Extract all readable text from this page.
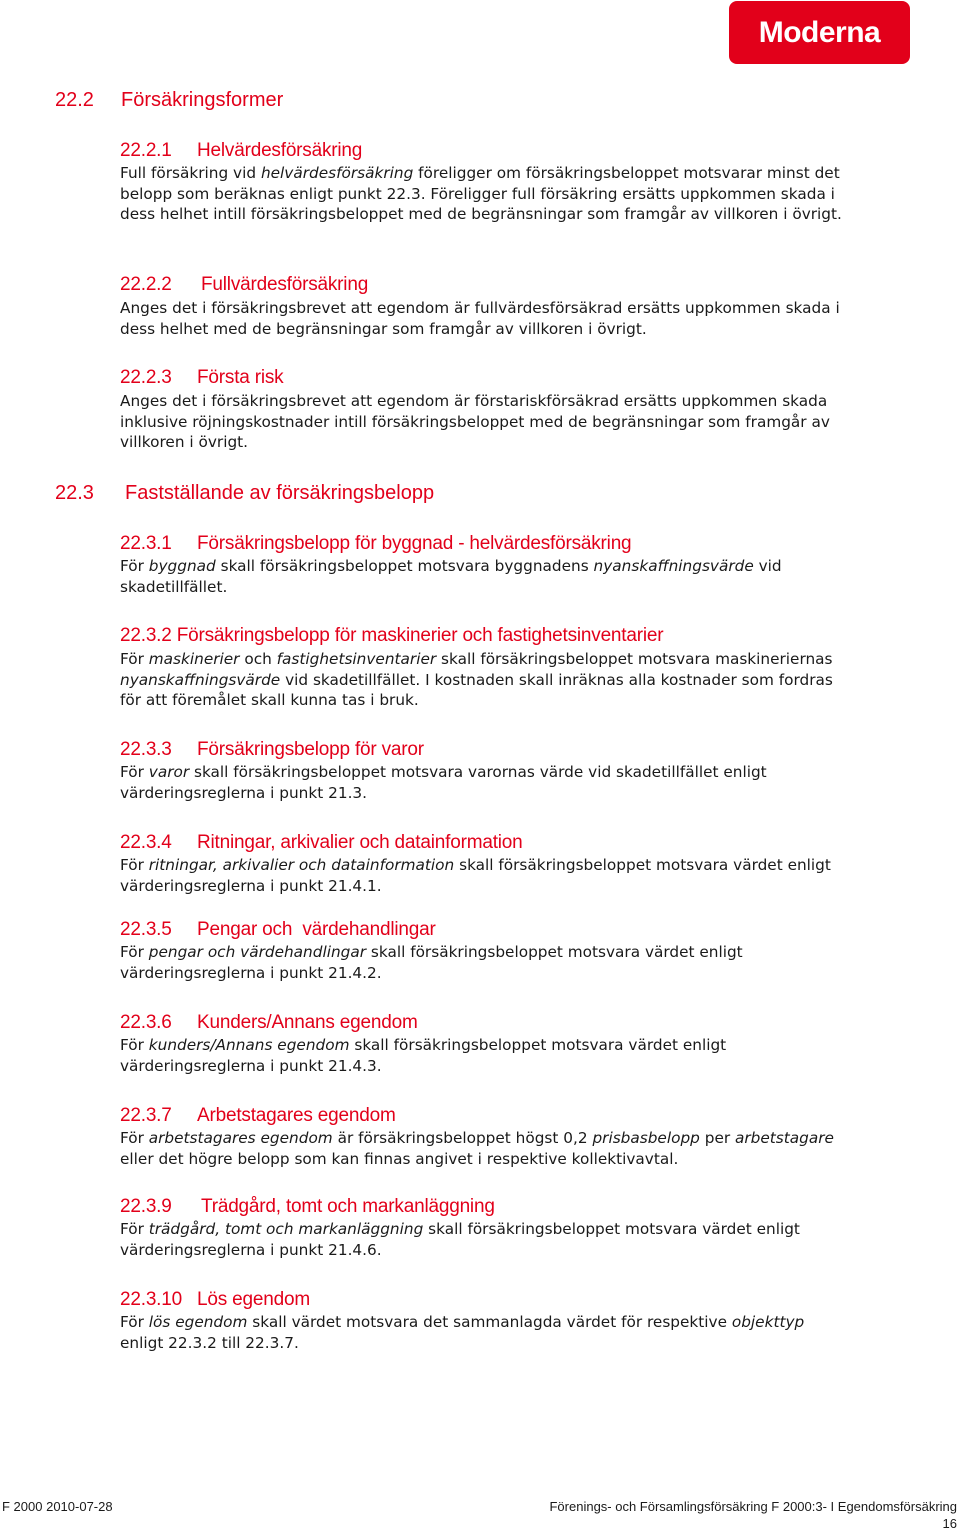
Moderna
22.2 Försäkringsformer
22.2.1 Helvärdesförsäkring
Full försäkring vid helvärdesförsäkring föreligger om försäkringsbeloppet motsvarar minst det belopp som beräknas enligt punkt 22.3. Föreligger full försäkring ersätts uppkommen skada i dess helhet intill försäkringsbeloppet med de begränsningar som framgår av villkoren i övrigt.
22.2.2 Fullvärdesförsäkring
Anges det i försäkringsbrevet att egendom är fullvärdesförsäkrad ersätts uppkommen skada i dess helhet med de begränsningar som framgår av villkoren i övrigt.
22.2.3 Första risk
Anges det i försäkringsbrevet att egendom är förstariskförsäkrad ersätts uppkommen skada inklusive röjningskostnader intill försäkringsbeloppet med de begränsningar som framgår av villkoren i övrigt.
22.3 Fastställande av försäkringsbelopp
22.3.1 Försäkringsbelopp för byggnad - helvärdesförsäkring
För byggnad skall försäkringsbeloppet motsvara byggnadens nyanskaffningsvärde vid skadetillfället.
22.3.2 Försäkringsbelopp för maskinerier och fastighetsinventarier
För maskinerier och fastighetsinventarier skall försäkringsbeloppet motsvara maskineriernas nyanskaffningsvärde vid skadetillfället. I kostnaden skall inräknas alla kostnader som fordras för att föremålet skall kunna tas i bruk.
22.3.3 Försäkringsbelopp för varor
För varor skall försäkringsbeloppet motsvara varornas värde vid skadetillfället enligt värderingsreglerna i punkt 21.3.
22.3.4 Ritningar, arkivalier och datainformation
För ritningar, arkivalier och datainformation skall försäkringsbeloppet motsvara värdet enligt värderingsreglerna i punkt 21.4.1.
22.3.5 Pengar och  värdehandlingar
För pengar och värdehandlingar skall försäkringsbeloppet motsvara värdet enligt värderingsreglerna i punkt 21.4.2.
22.3.6 Kunders/Annans egendom
För kunders/Annans egendom skall försäkringsbeloppet motsvara värdet enligt värderingsreglerna i punkt 21.4.3.
22.3.7 Arbetstagares egendom
För arbetstagares egendom är försäkringsbeloppet högst 0,2 prisbasbelopp per arbetstagare eller det högre belopp som kan finnas angivet i respektive kollektivavtal.
22.3.9 Trädgård, tomt och markanläggning
För trädgård, tomt och markanläggning skall försäkringsbeloppet motsvara värdet enligt värderingsreglerna i punkt 21.4.6.
22.3.10 Lös egendom
För lös egendom skall värdet motsvara det sammanlagda värdet för respektive objekttyp enligt 22.3.2 till 22.3.7.
F 2000 2010-07-28	Förenings- och Församlingsförsäkring F 2000:3- I Egendomsförsäkring
16
